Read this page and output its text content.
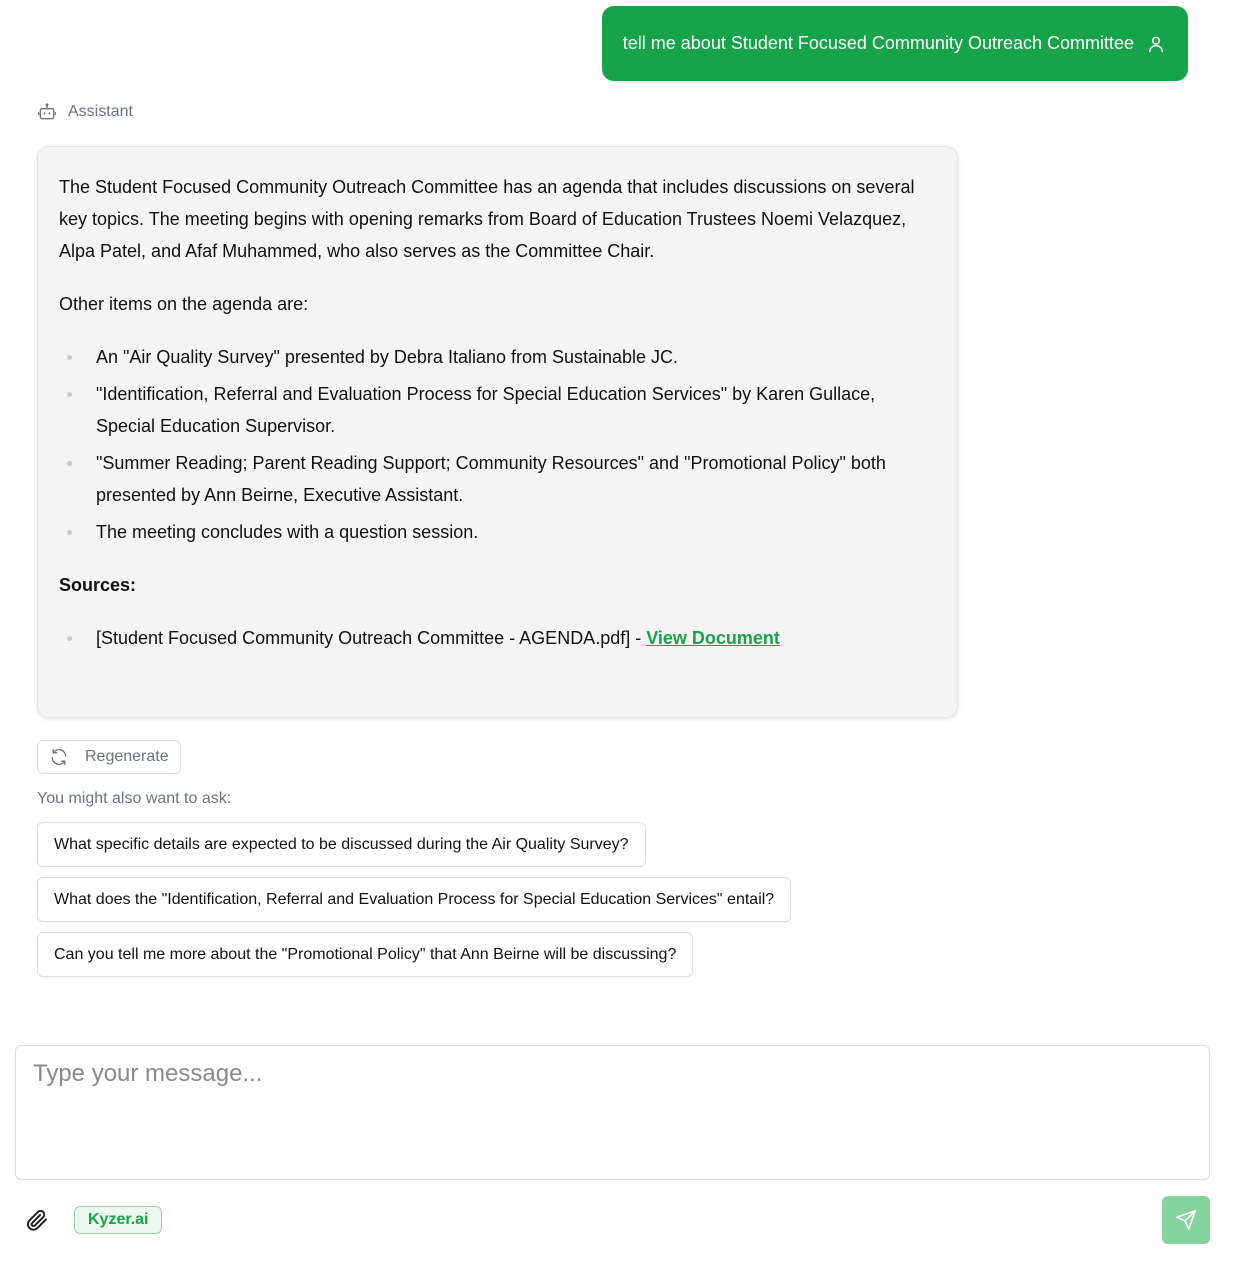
tell me about Student Focused Community Outreach Committee
Assistant

The Student Focused Community Outreach Committee has an agenda that includes discussions on several key topics. The meeting begins with opening remarks from Board of Education Trustees Noemi Velazquez, Alpa Patel, and Afaf Muhammed, who also serves as the Committee Chair.

Other items on the agenda are:

An "Air Quality Survey" presented by Debra Italiano from Sustainable JC.
"Identification, Referral and Evaluation Process for Special Education Services" by Karen Gullace, Special Education Supervisor.
"Summer Reading; Parent Reading Support; Community Resources" and "Promotional Policy" both presented by Ann Beirne, Executive Assistant.
The meeting concludes with a question session.

Sources:

[Student Focused Community Outreach Committee - AGENDA.pdf] - View Document
Regenerate
You might also want to ask:
What specific details are expected to be discussed during the Air Quality Survey?
What does the "Identification, Referral and Evaluation Process for Special Education Services" entail?
Can you tell me more about the "Promotional Policy" that Ann Beirne will be discussing?
Type your message...
Kyzer.ai
